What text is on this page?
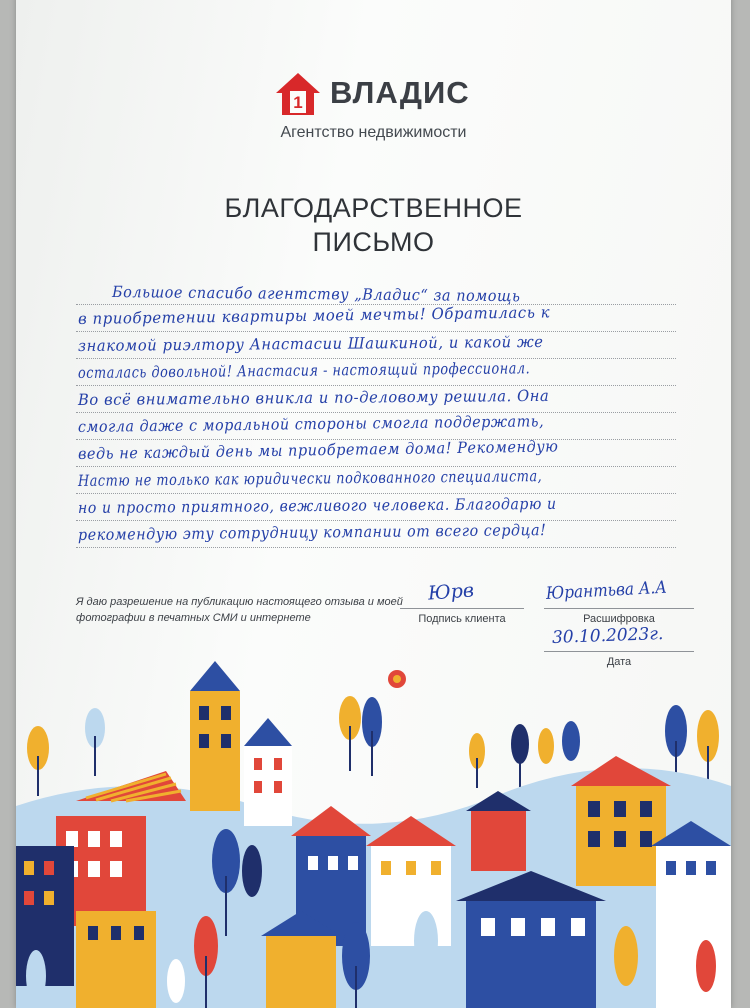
1 ВЛАДИС
Агентство недвижимости
БЛАГОДАРСТВЕННОЕ
ПИСЬМО
Большое спасибо агентству „Владис“ за помощь
в приобретении квартиры моей мечты! Обратилась к
знакомой риэлтору Анастасии Шашкиной, и какой же
осталась довольной! Анастасия - настоящий профессионал.
Во всё внимательно вникла и по-деловому решила. Она
смогла даже с моральной стороны смогла поддержать,
ведь не каждый день мы приобретаем дома! Рекомендую
Настю не только как юридически подкованного специалиста,
но и просто приятного, вежливого человека. Благодарю и
рекомендую эту сотрудницу компании от всего сердца!
Я даю разрешение на публикацию настоящего отзыва и моей фотографии в печатных СМИ и интернете
Юрв
Подпись клиента
Юрантьва А.А
Расшифровка
30.10.2023г.
Дата
